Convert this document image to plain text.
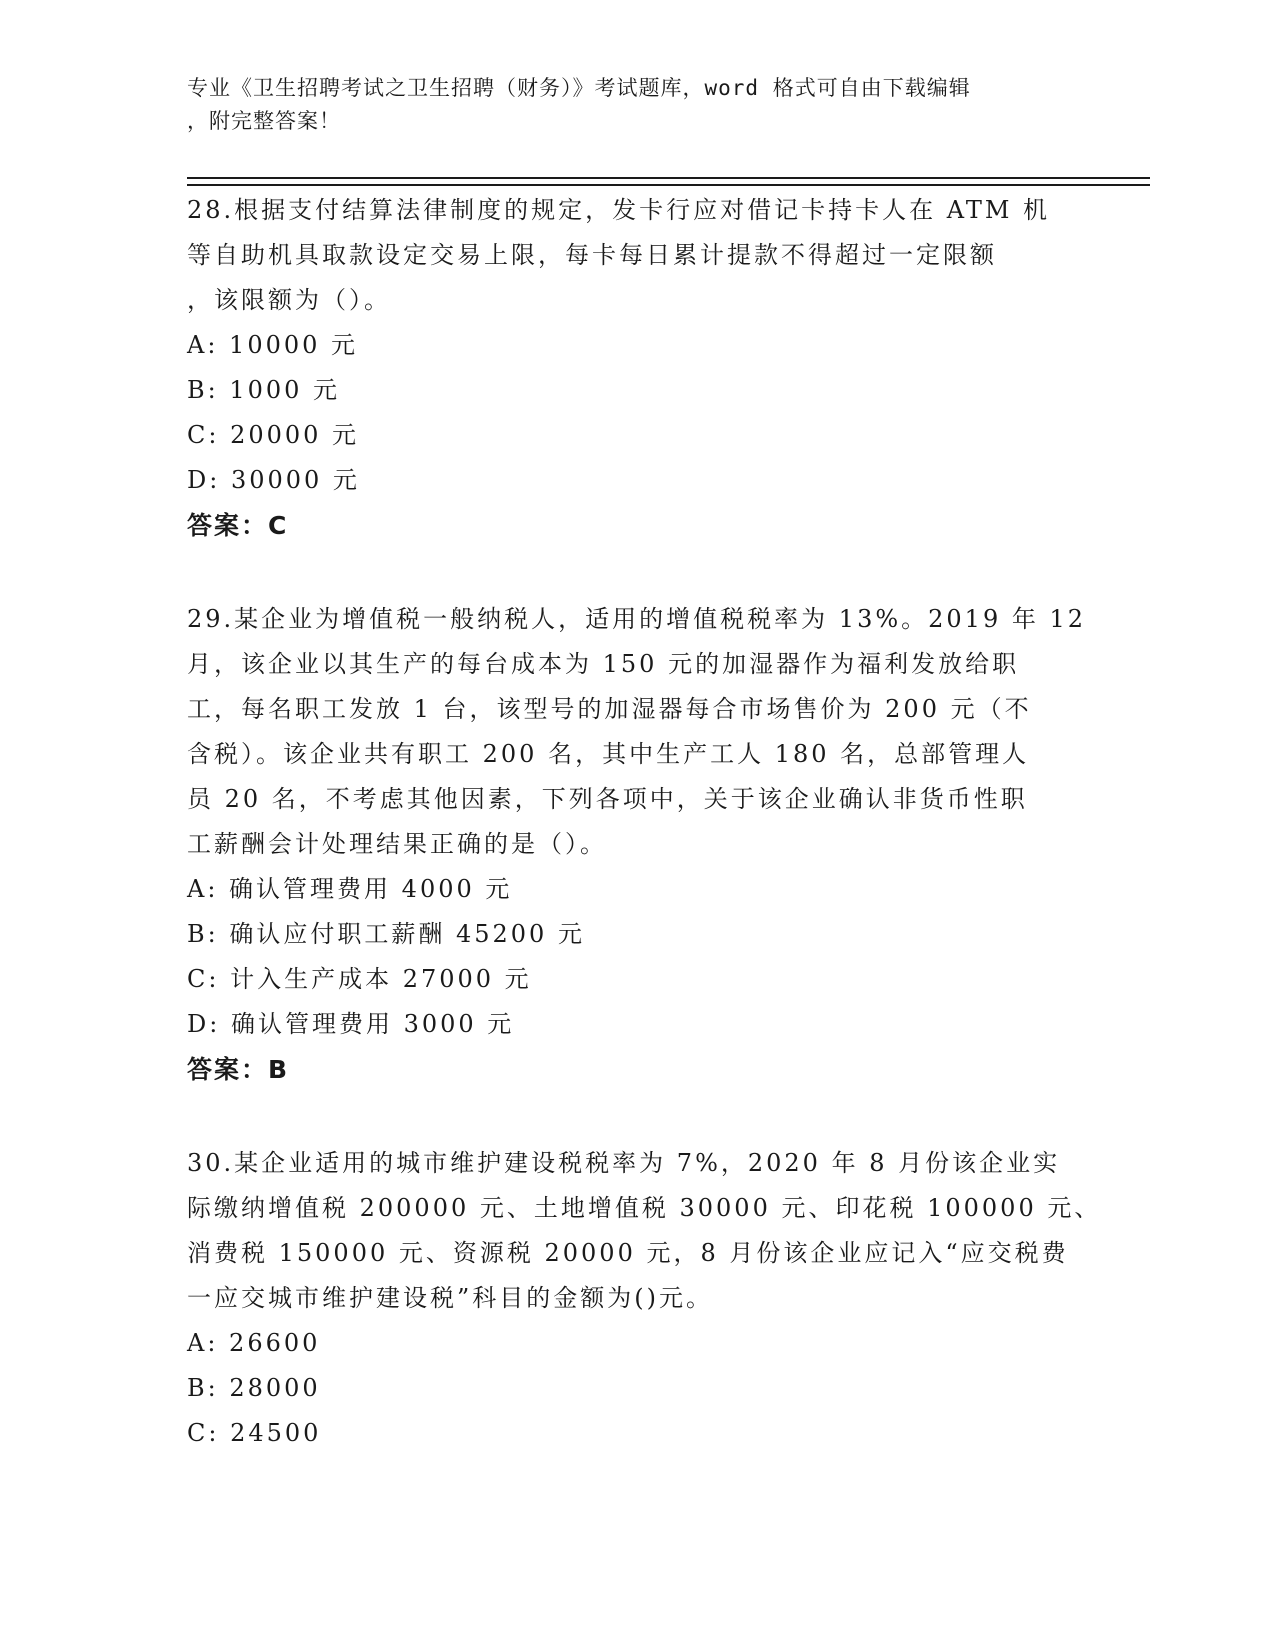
专业《卫生招聘考试之卫生招聘（财务）》考试题库，word 格式可自由下载编辑
，附完整答案！
28.根据支付结算法律制度的规定，发卡行应对借记卡持卡人在 ATM 机
等自助机具取款设定交易上限，每卡每日累计提款不得超过一定限额
，该限额为（）。
A: 10000 元
B: 1000 元
C: 20000 元
D: 30000 元
答案：C
29.某企业为增值税一般纳税人，适用的增值税税率为 13%。2019 年 12
月，该企业以其生产的每台成本为 150 元的加湿器作为福利发放给职
工，每名职工发放 1 台，该型号的加湿器每合市场售价为 200 元（不
含税）。该企业共有职工 200 名，其中生产工人 180 名，总部管理人
员 20 名，不考虑其他因素，下列各项中，关于该企业确认非货币性职
工薪酬会计处理结果正确的是（）。
A: 确认管理费用 4000 元
B: 确认应付职工薪酬 45200 元
C: 计入生产成本 27000 元
D: 确认管理费用 3000 元
答案：B
30.某企业适用的城市维护建设税税率为 7%，2020 年 8 月份该企业实
际缴纳增值税 200000 元、土地增值税 30000 元、印花税 100000 元、
消费税 150000 元、资源税 20000 元，8 月份该企业应记入“应交税费
一应交城市维护建设税”科目的金额为()元。
A: 26600
B: 28000
C: 24500
